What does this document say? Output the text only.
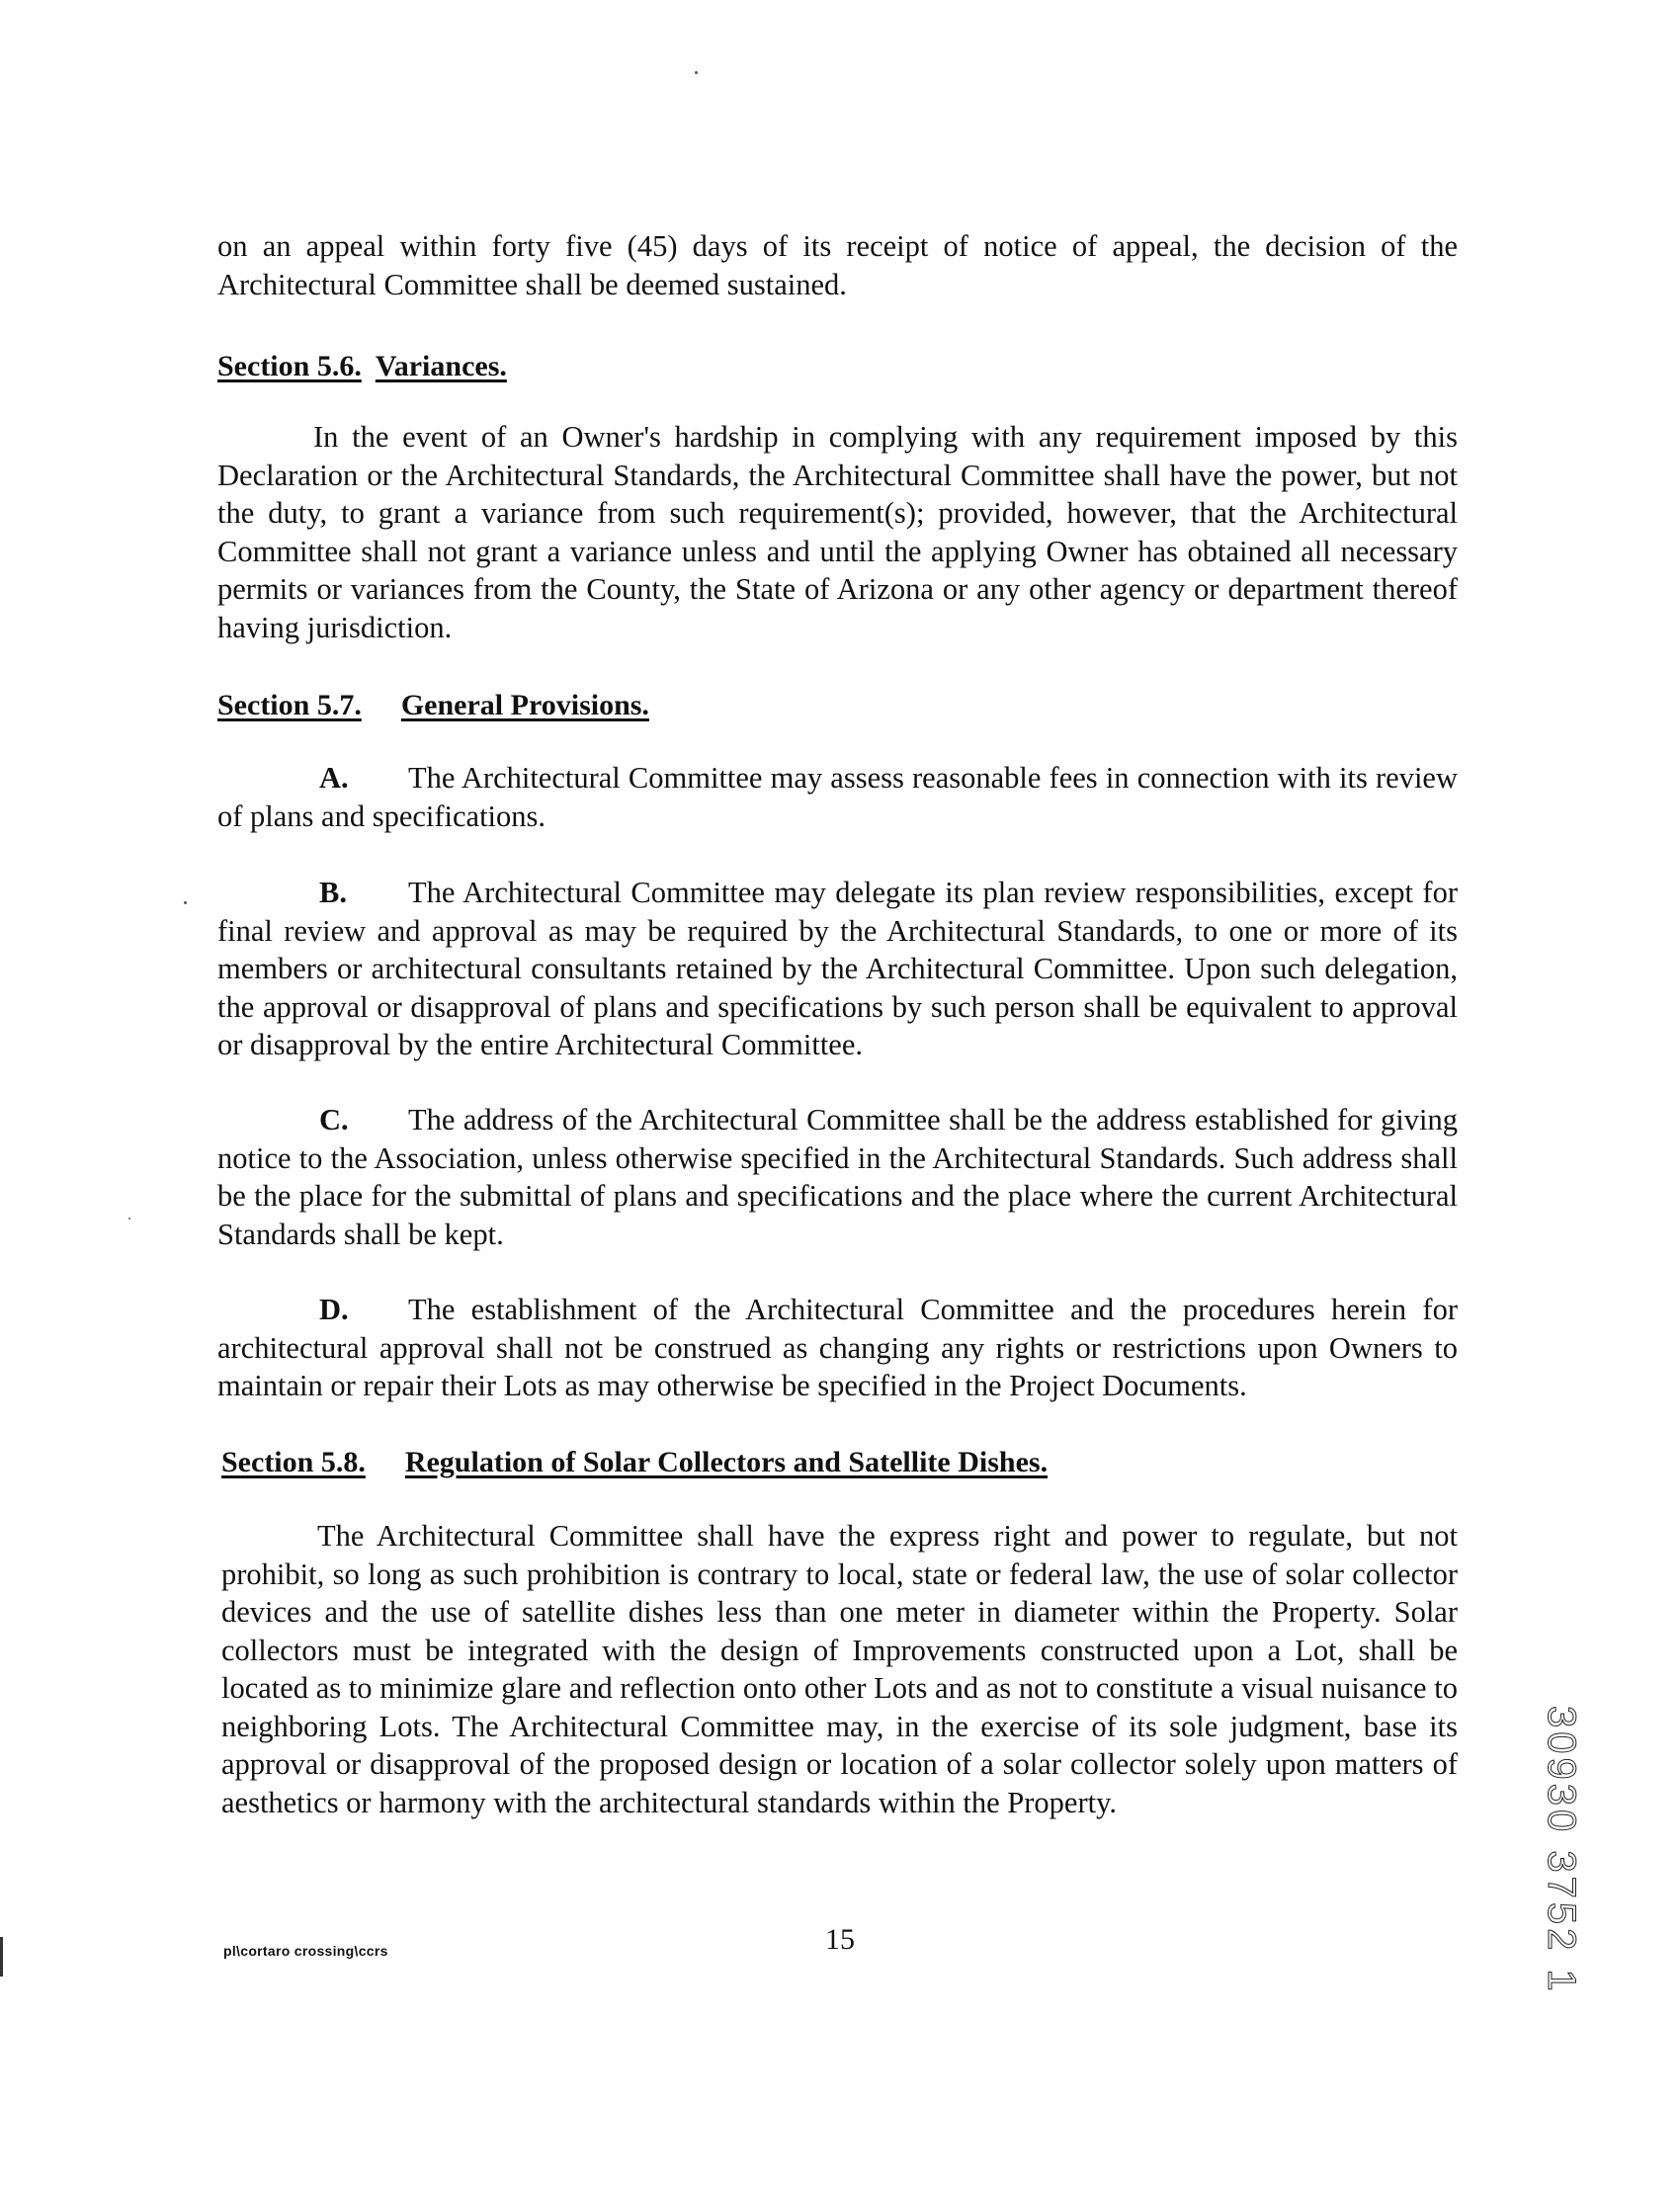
on an appeal within forty five (45) days of its receipt of notice of appeal, the decision of the Architectural Committee shall be deemed sustained.
Section 5.6. Variances.
In the event of an Owner's hardship in complying with any requirement imposed by this Declaration or the Architectural Standards, the Architectural Committee shall have the power, but not the duty, to grant a variance from such requirement(s); provided, however, that the Architectural Committee shall not grant a variance unless and until the applying Owner has obtained all necessary permits or variances from the County, the State of Arizona or any other agency or department thereof having jurisdiction.
Section 5.7. General Provisions.
A. The Architectural Committee may assess reasonable fees in connection with its review of plans and specifications.
B. The Architectural Committee may delegate its plan review responsibilities, except for final review and approval as may be required by the Architectural Standards, to one or more of its members or architectural consultants retained by the Architectural Committee. Upon such delegation, the approval or disapproval of plans and specifications by such person shall be equivalent to approval or disapproval by the entire Architectural Committee.
C. The address of the Architectural Committee shall be the address established for giving notice to the Association, unless otherwise specified in the Architectural Standards. Such address shall be the place for the submittal of plans and specifications and the place where the current Architectural Standards shall be kept.
D. The establishment of the Architectural Committee and the procedures herein for architectural approval shall not be construed as changing any rights or restrictions upon Owners to maintain or repair their Lots as may otherwise be specified in the Project Documents.
Section 5.8. Regulation of Solar Collectors and Satellite Dishes.
The Architectural Committee shall have the express right and power to regulate, but not prohibit, so long as such prohibition is contrary to local, state or federal law, the use of solar collector devices and the use of satellite dishes less than one meter in diameter within the Property. Solar collectors must be integrated with the design of Improvements constructed upon a Lot, shall be located as to minimize glare and reflection onto other Lots and as not to constitute a visual nuisance to neighboring Lots. The Architectural Committee may, in the exercise of its sole judgment, base its approval or disapproval of the proposed design or location of a solar collector solely upon matters of aesthetics or harmony with the architectural standards within the Property.
pl\cortaro crossing\ccrs	15	30930 3752 1
